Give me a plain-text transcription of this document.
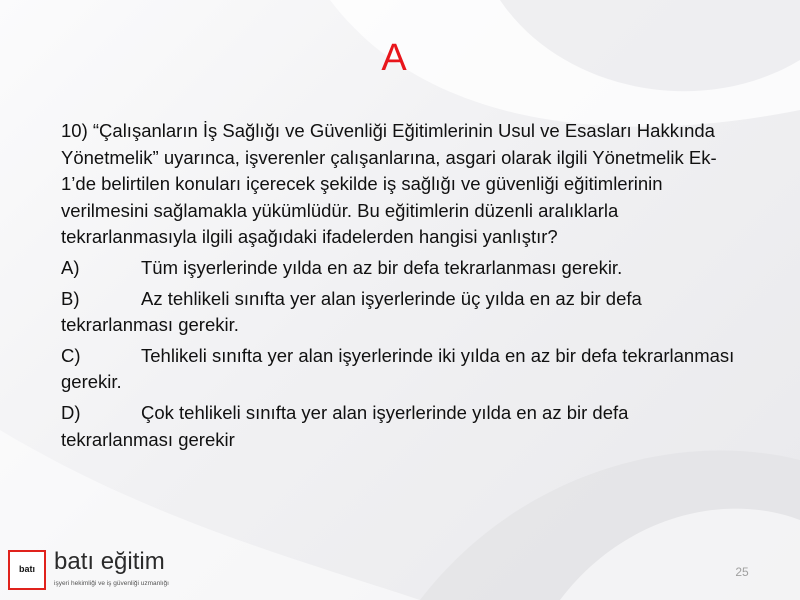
A

10) “Çalışanların İş Sağlığı ve Güvenliği Eğitimlerinin Usul ve Esasları Hakkında Yönetmelik” uyarınca, işverenler çalışanlarına, asgari olarak ilgili Yönetmelik Ek-1’de belirtilen konuları içerecek şekilde iş sağlığı ve güvenliği eğitimlerinin verilmesini sağlamakla yükümlüdür. Bu eğitimlerin düzenli aralıklarla tekrarlanmasıyla ilgili aşağıdaki ifadelerden hangisi yanlıştır?

A)	Tüm işyerlerinde yılda en az bir defa tekrarlanması gerekir.

B)	Az tehlikeli sınıfta yer alan işyerlerinde üç yılda en az bir defa tekrarlanması gerekir.

C)	Tehlikeli sınıfta yer alan işyerlerinde iki yılda en az bir defa tekrarlanması gerekir.

D)	Çok tehlikeli sınıfta yer alan işyerlerinde yılda en az bir defa tekrarlanması gerekir

batı batı eğitim
işyeri hekimliği ve iş güvenliği uzmanlığı
25
